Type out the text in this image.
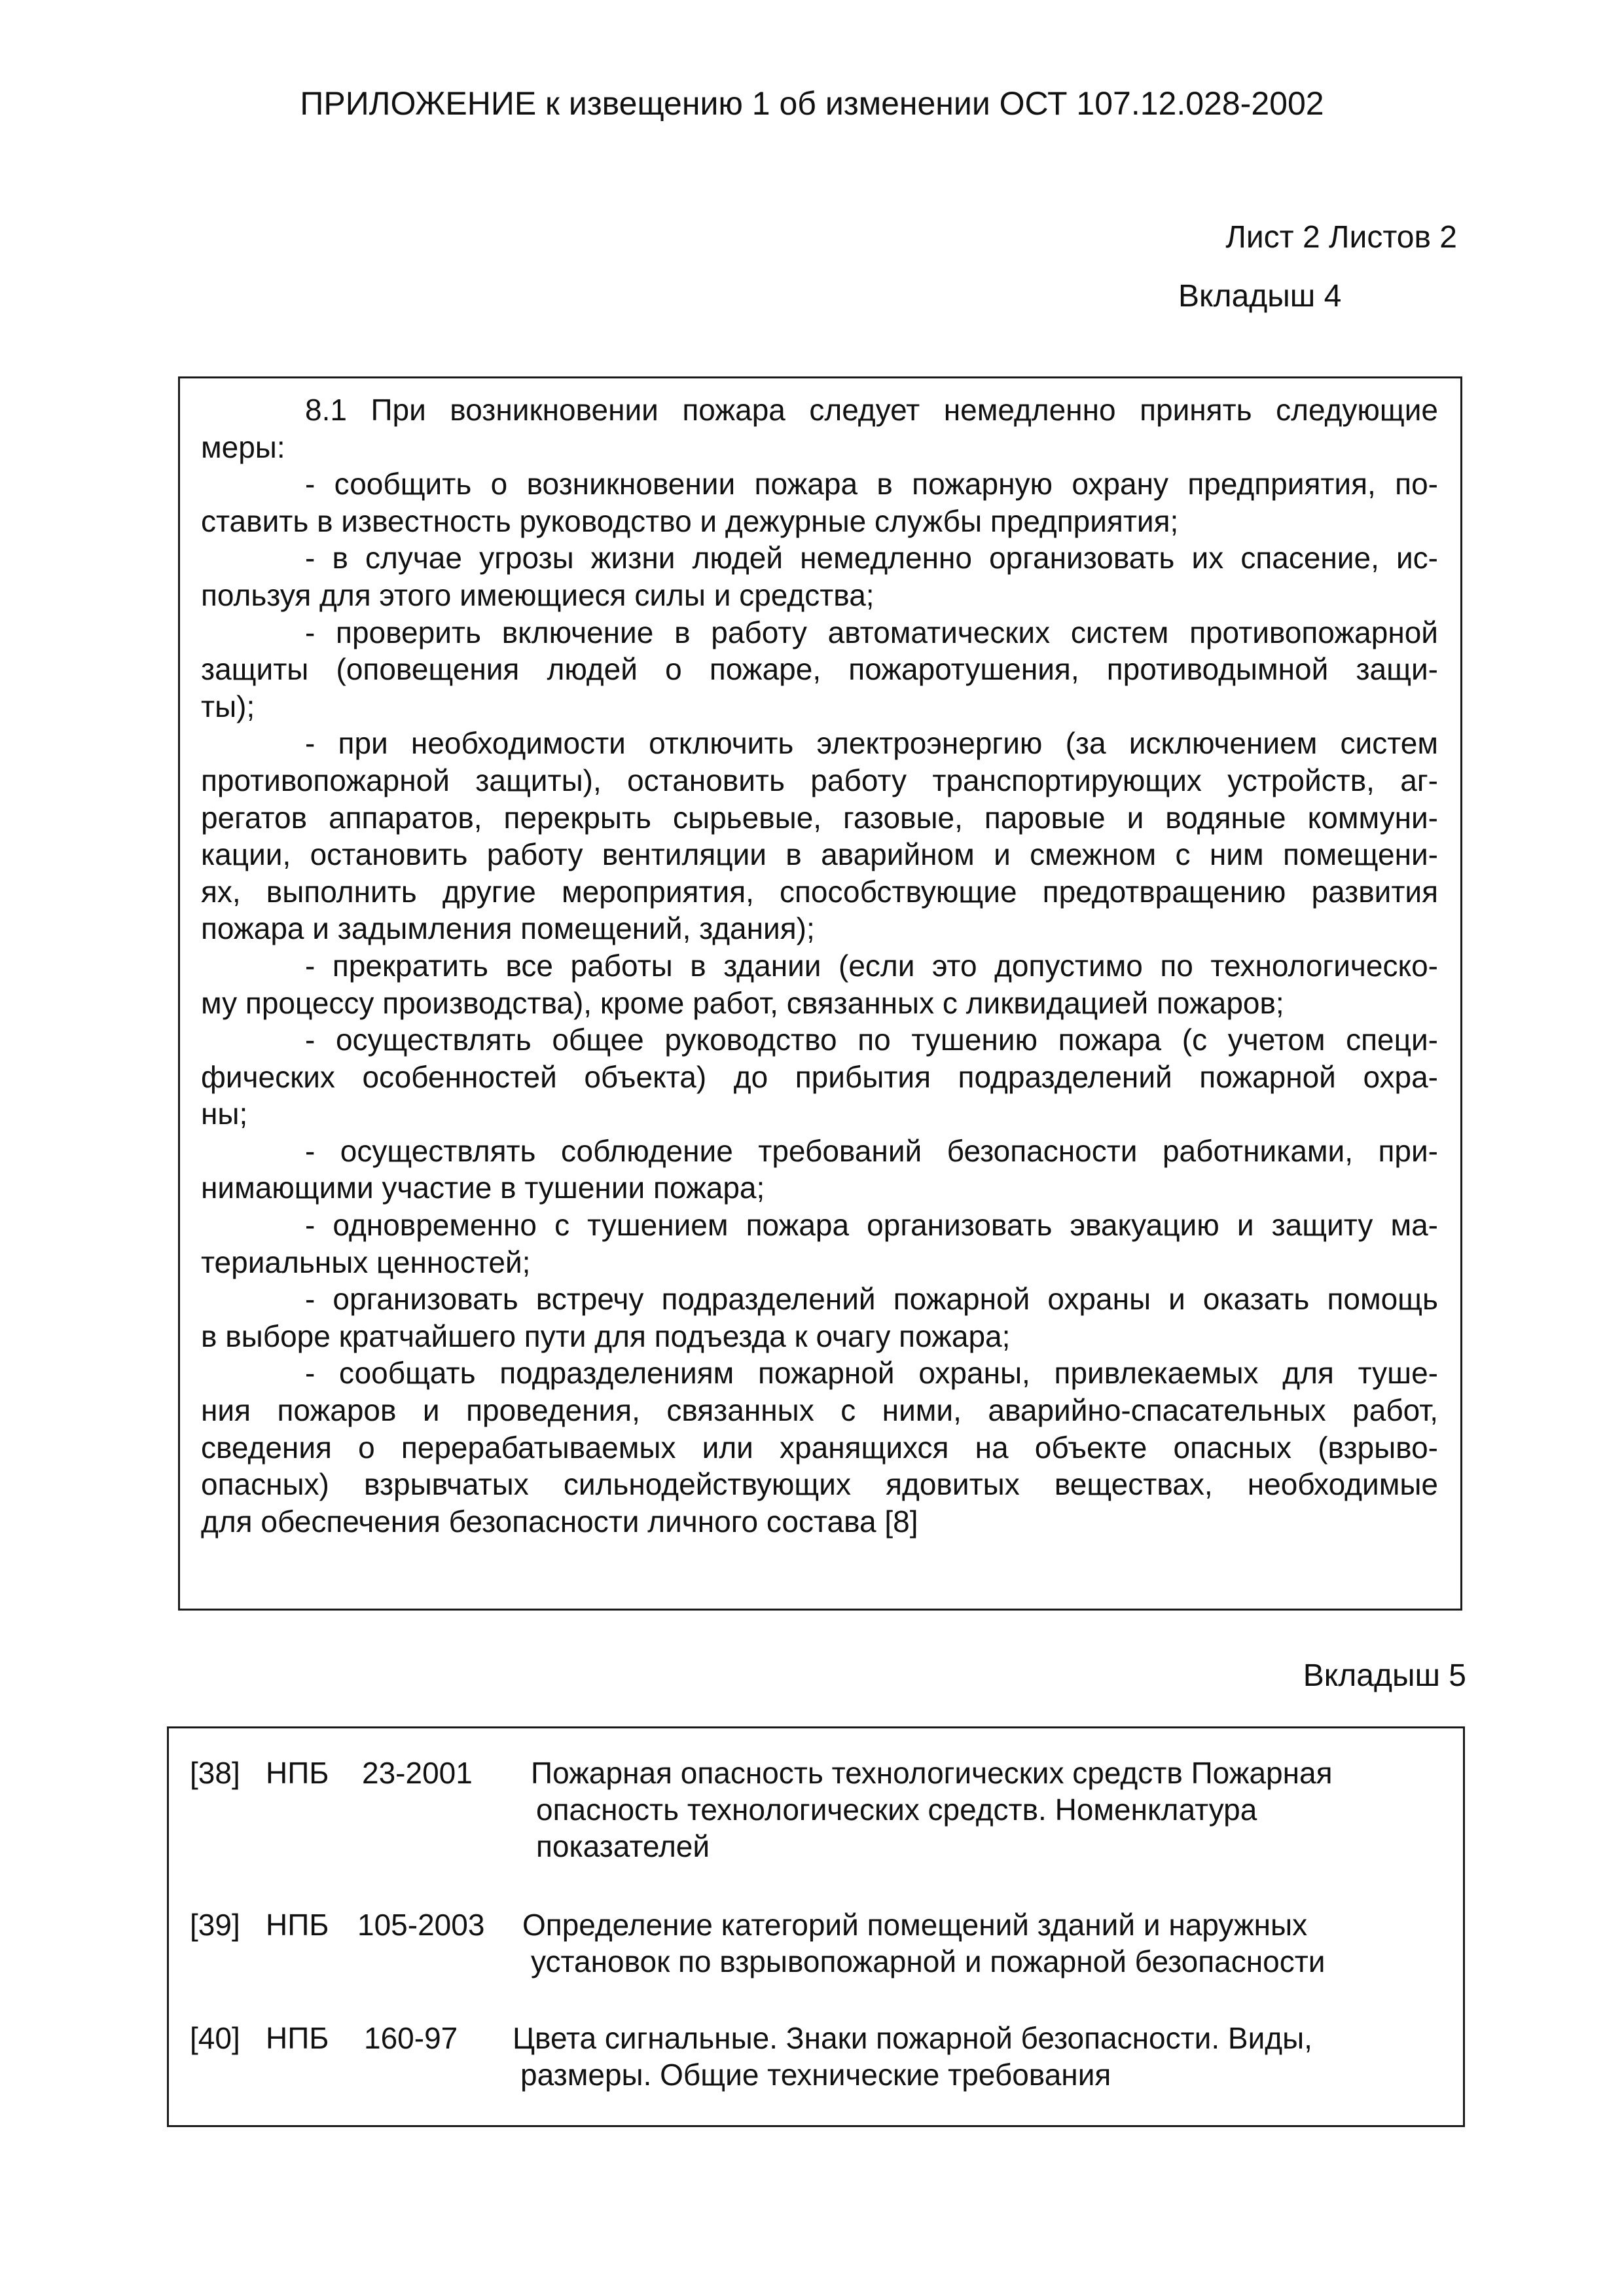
ПРИЛОЖЕНИЕ к извещению 1 об изменении ОСТ 107.12.028-2002
Лист 2 Листов 2
Вкладыш 4
8.1 При возникновении пожара следует немедленно принять следующие
меры:
- сообщить о возникновении пожара в пожарную охрану предприятия, по-
ставить в известность руководство и дежурные службы предприятия;
- в случае угрозы жизни людей немедленно организовать их спасение, ис-
пользуя для этого имеющиеся силы и средства;
- проверить включение в работу автоматических систем противопожарной
защиты (оповещения людей о пожаре, пожаротушения, противодымной защи-
ты);
- при необходимости отключить электроэнергию (за исключением систем
противопожарной защиты), остановить работу транспортирующих устройств, аг-
регатов аппаратов, перекрыть сырьевые, газовые, паровые и водяные коммуни-
кации, остановить работу вентиляции в аварийном и смежном с ним помещени-
ях, выполнить другие мероприятия, способствующие предотвращению развития
пожара и задымления помещений, здания);
- прекратить все работы в здании (если это допустимо по технологическо-
му процессу производства), кроме работ, связанных с ликвидацией пожаров;
- осуществлять общее руководство по тушению пожара (с учетом специ-
фических особенностей объекта) до прибытия подразделений пожарной охра-
ны;
- осуществлять соблюдение требований безопасности работниками, при-
нимающими участие в тушении пожара;
- одновременно с тушением пожара организовать эвакуацию и защиту ма-
териальных ценностей;
- организовать встречу подразделений пожарной охраны и оказать помощь
в выборе кратчайшего пути для подъезда к очагу пожара;
- сообщать подразделениям пожарной охраны, привлекаемых для туше-
ния пожаров и проведения, связанных с ними, аварийно-спасательных работ,
сведения о перерабатываемых или хранящихся на объекте опасных (взрыво-
опасных) взрывчатых сильнодействующих ядовитых веществах, необходимые
для обеспечения безопасности личного состава [8]
Вкладыш 5
[38] НПБ 23-2001 Пожарная опасность технологических средств Пожарная
опасность технологических средств. Номенклатура
показателей
[39] НПБ 105-2003 Определение категорий помещений зданий и наружных
установок по взрывопожарной и пожарной безопасности
[40] НПБ 160-97 Цвета сигнальные. Знаки пожарной безопасности. Виды,
размеры. Общие технические требования
